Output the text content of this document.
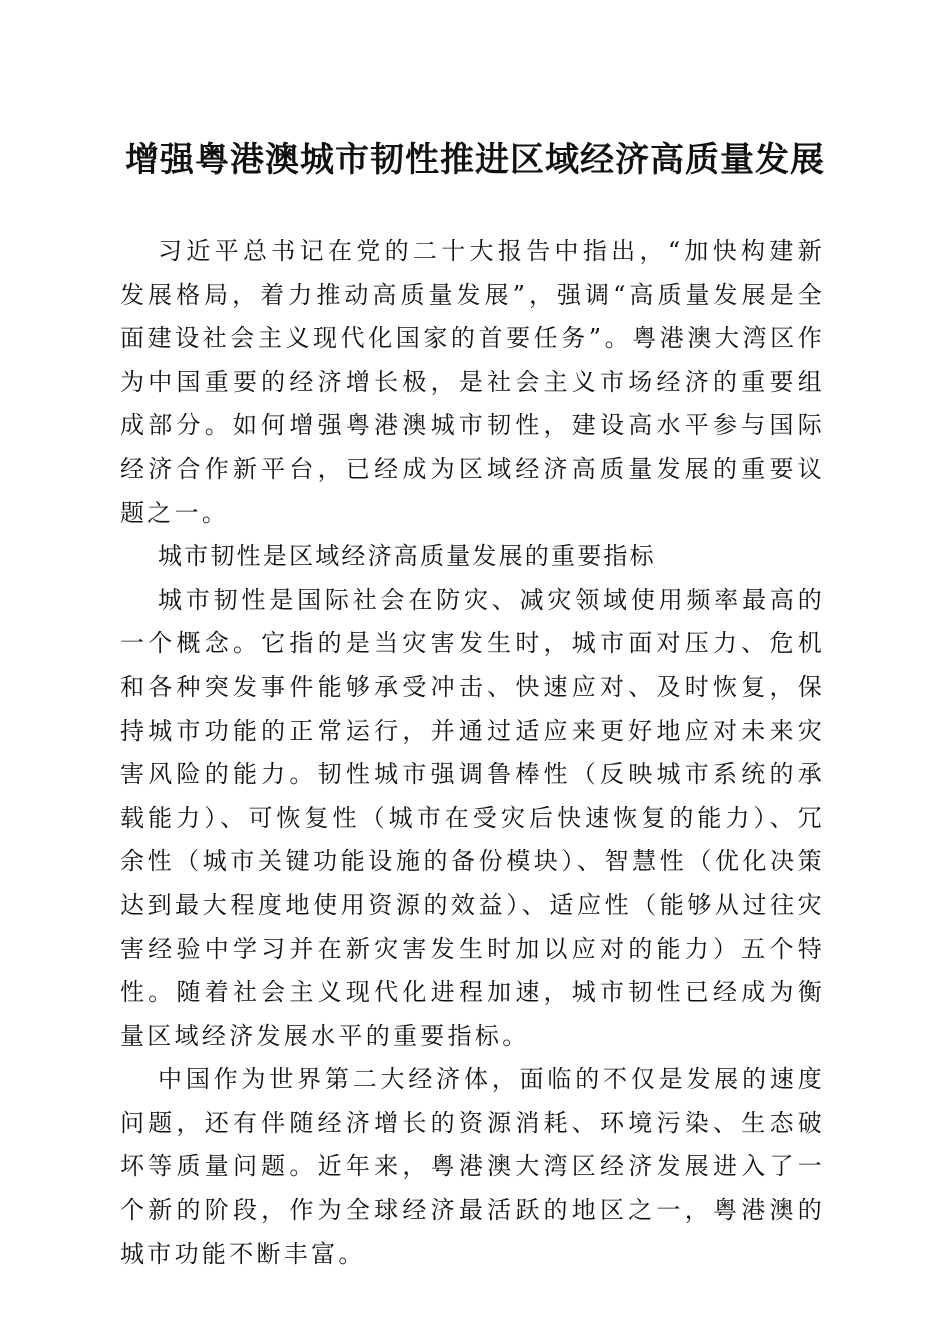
增强粤港澳城市韧性推进区域经济高质量发展

习近平总书记在党的二十大报告中指出，“加快构建新发展格局，着力推动高质量发展”，强调“高质量发展是全面建设社会主义现代化国家的首要任务”。粤港澳大湾区作为中国重要的经济增长极，是社会主义市场经济的重要组成部分。如何增强粤港澳城市韧性，建设高水平参与国际经济合作新平台，已经成为区域经济高质量发展的重要议题之一。

城市韧性是区域经济高质量发展的重要指标

城市韧性是国际社会在防灾、减灾领域使用频率最高的一个概念。它指的是当灾害发生时，城市面对压力、危机和各种突发事件能够承受冲击、快速应对、及时恢复，保持城市功能的正常运行，并通过适应来更好地应对未来灾害风险的能力。韧性城市强调鲁棒性（反映城市系统的承载能力）、可恢复性（城市在受灾后快速恢复的能力）、冗余性（城市关键功能设施的备份模块）、智慧性（优化决策达到最大程度地使用资源的效益）、适应性（能够从过往灾害经验中学习并在新灾害发生时加以应对的能力）五个特性。随着社会主义现代化进程加速，城市韧性已经成为衡量区域经济发展水平的重要指标。

中国作为世界第二大经济体，面临的不仅是发展的速度问题，还有伴随经济增长的资源消耗、环境污染、生态破坏等质量问题。近年来，粤港澳大湾区经济发展进入了一个新的阶段，作为全球经济最活跃的地区之一，粤港澳的城市功能不断丰富。
